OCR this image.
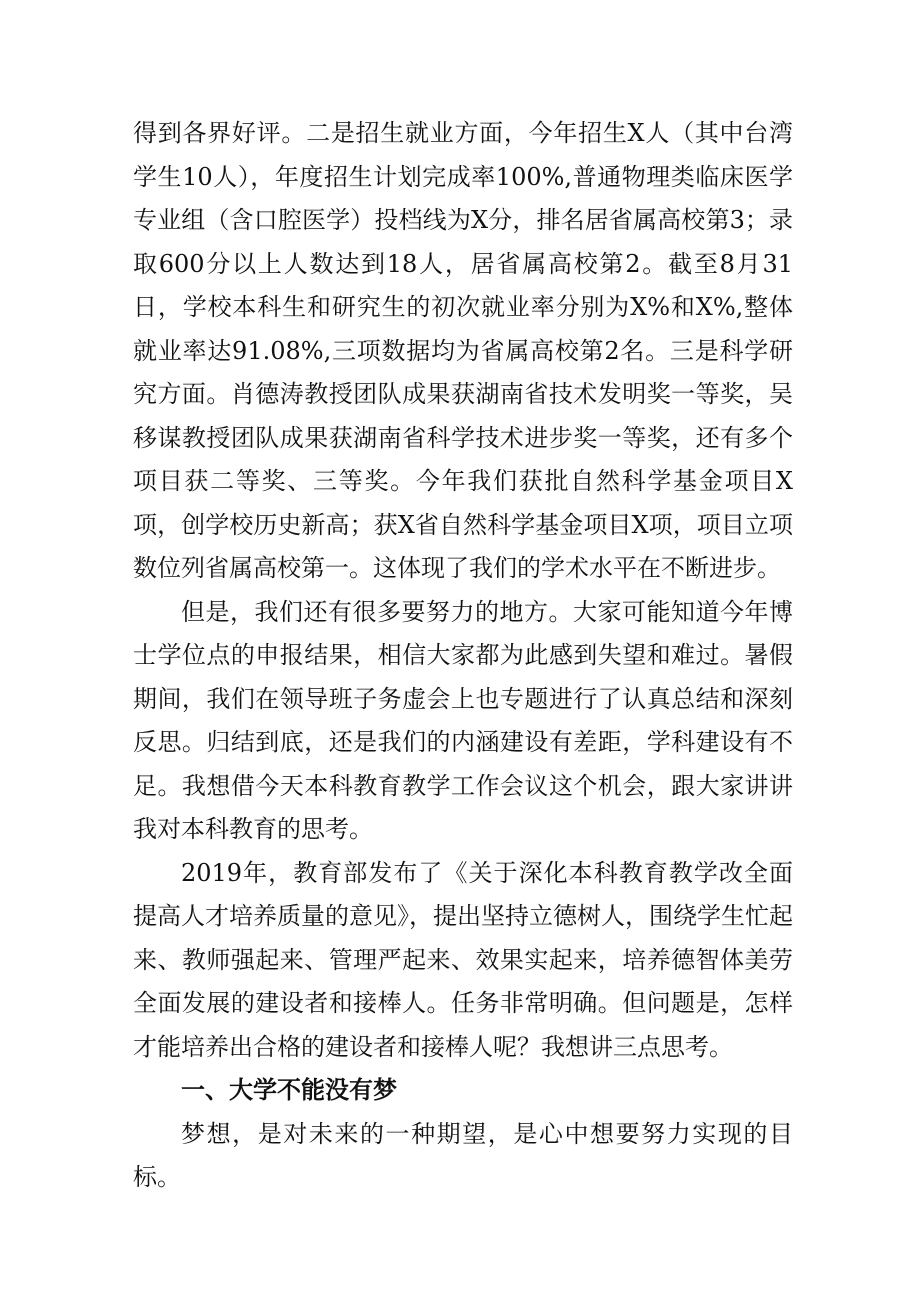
得到各界好评。二是招生就业方面，今年招生X人（其中台湾学生10人），年度招生计划完成率100%,普通物理类临床医学专业组（含口腔医学）投档线为X分，排名居省属高校第3；录取600分以上人数达到18人，居省属高校第2。截至8月31日，学校本科生和研究生的初次就业率分别为X%和X%,整体就业率达91.08%,三项数据均为省属高校第2名。三是科学研究方面。肖德涛教授团队成果获湖南省技术发明奖一等奖，吴移谋教授团队成果获湖南省科学技术进步奖一等奖，还有多个项目获二等奖、三等奖。今年我们获批自然科学基金项目X项，创学校历史新高；获X省自然科学基金项目X项，项目立项数位列省属高校第一。这体现了我们的学术水平在不断进步。

但是，我们还有很多要努力的地方。大家可能知道今年博士学位点的申报结果，相信大家都为此感到失望和难过。暑假期间，我们在领导班子务虚会上也专题进行了认真总结和深刻反思。归结到底，还是我们的内涵建设有差距，学科建设有不足。我想借今天本科教育教学工作会议这个机会，跟大家讲讲我对本科教育的思考。

2019年，教育部发布了《关于深化本科教育教学改全面提高人才培养质量的意见》，提出坚持立德树人，围绕学生忙起来、教师强起来、管理严起来、效果实起来，培养德智体美劳全面发展的建设者和接棒人。任务非常明确。但问题是，怎样才能培养出合格的建设者和接棒人呢？我想讲三点思考。

一、大学不能没有梦

梦想，是对未来的一种期望，是心中想要努力实现的目标。
